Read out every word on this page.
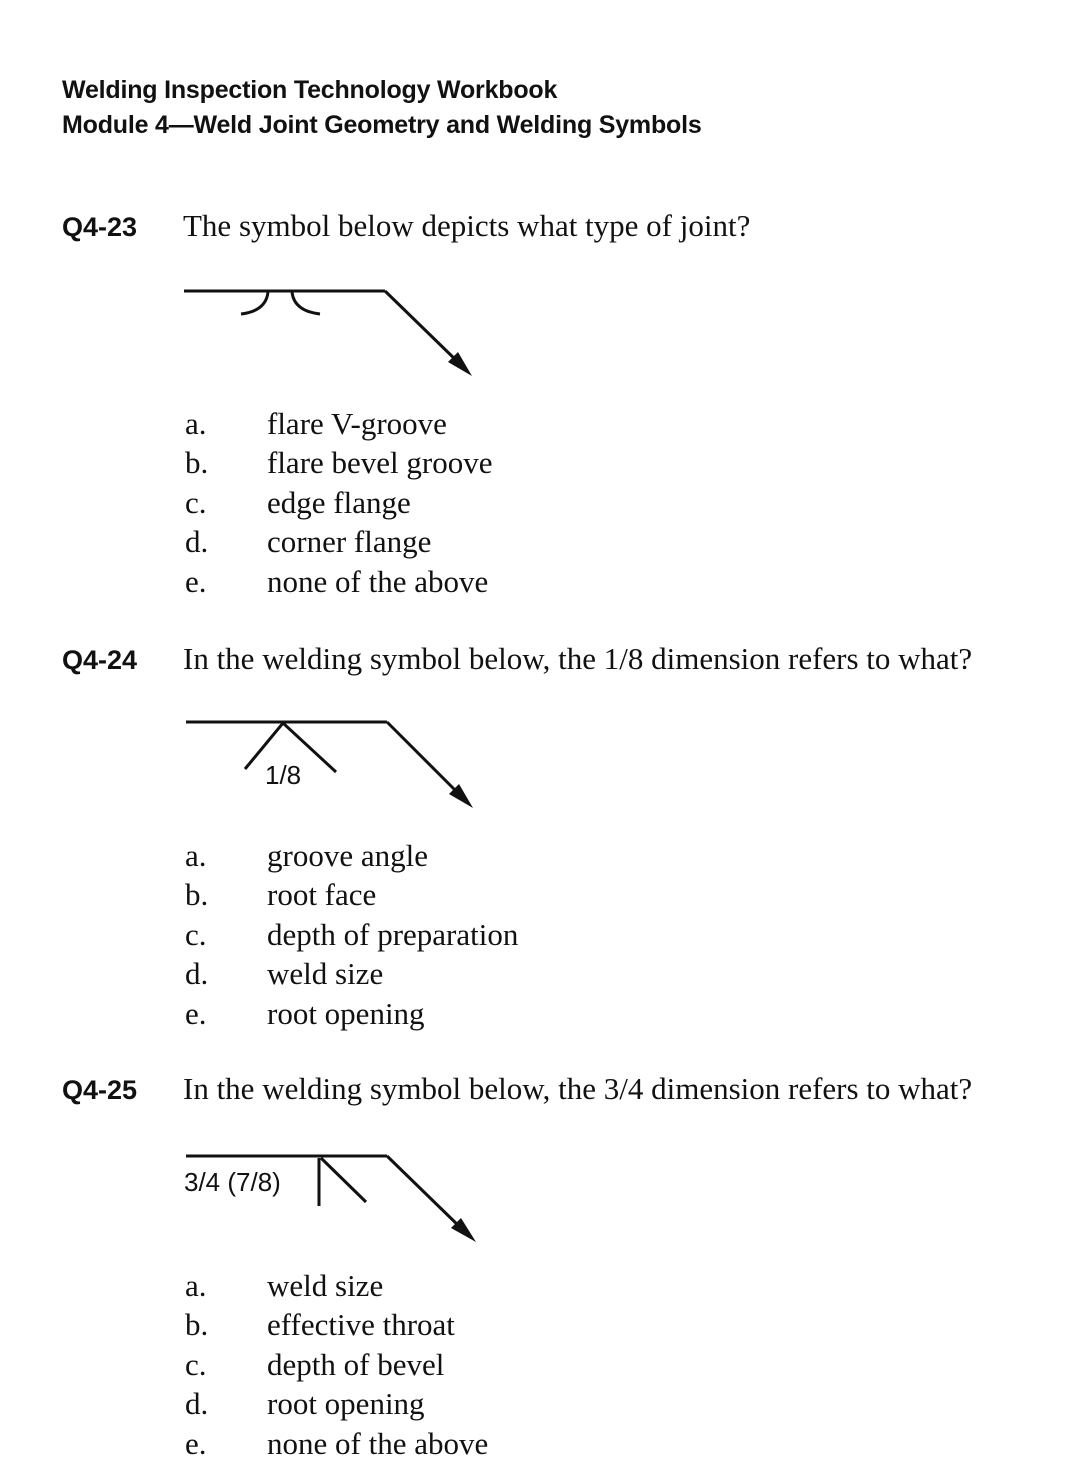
Welding Inspection Technology Workbook
Module 4—Weld Joint Geometry and Welding Symbols
Q4-23 The symbol below depicts what type of joint?
a.	flare V-groove
b.	flare bevel groove
c.	edge flange
d.	corner flange
e.	none of the above
Q4-24 In the welding symbol below, the 1/8 dimension refers to what?
1/8
a.	groove angle
b.	root face
c.	depth of preparation
d.	weld size
e.	root opening
Q4-25 In the welding symbol below, the 3/4 dimension refers to what?
3/4 (7/8)
a.	weld size
b.	effective throat
c.	depth of bevel
d.	root opening
e.	none of the above
